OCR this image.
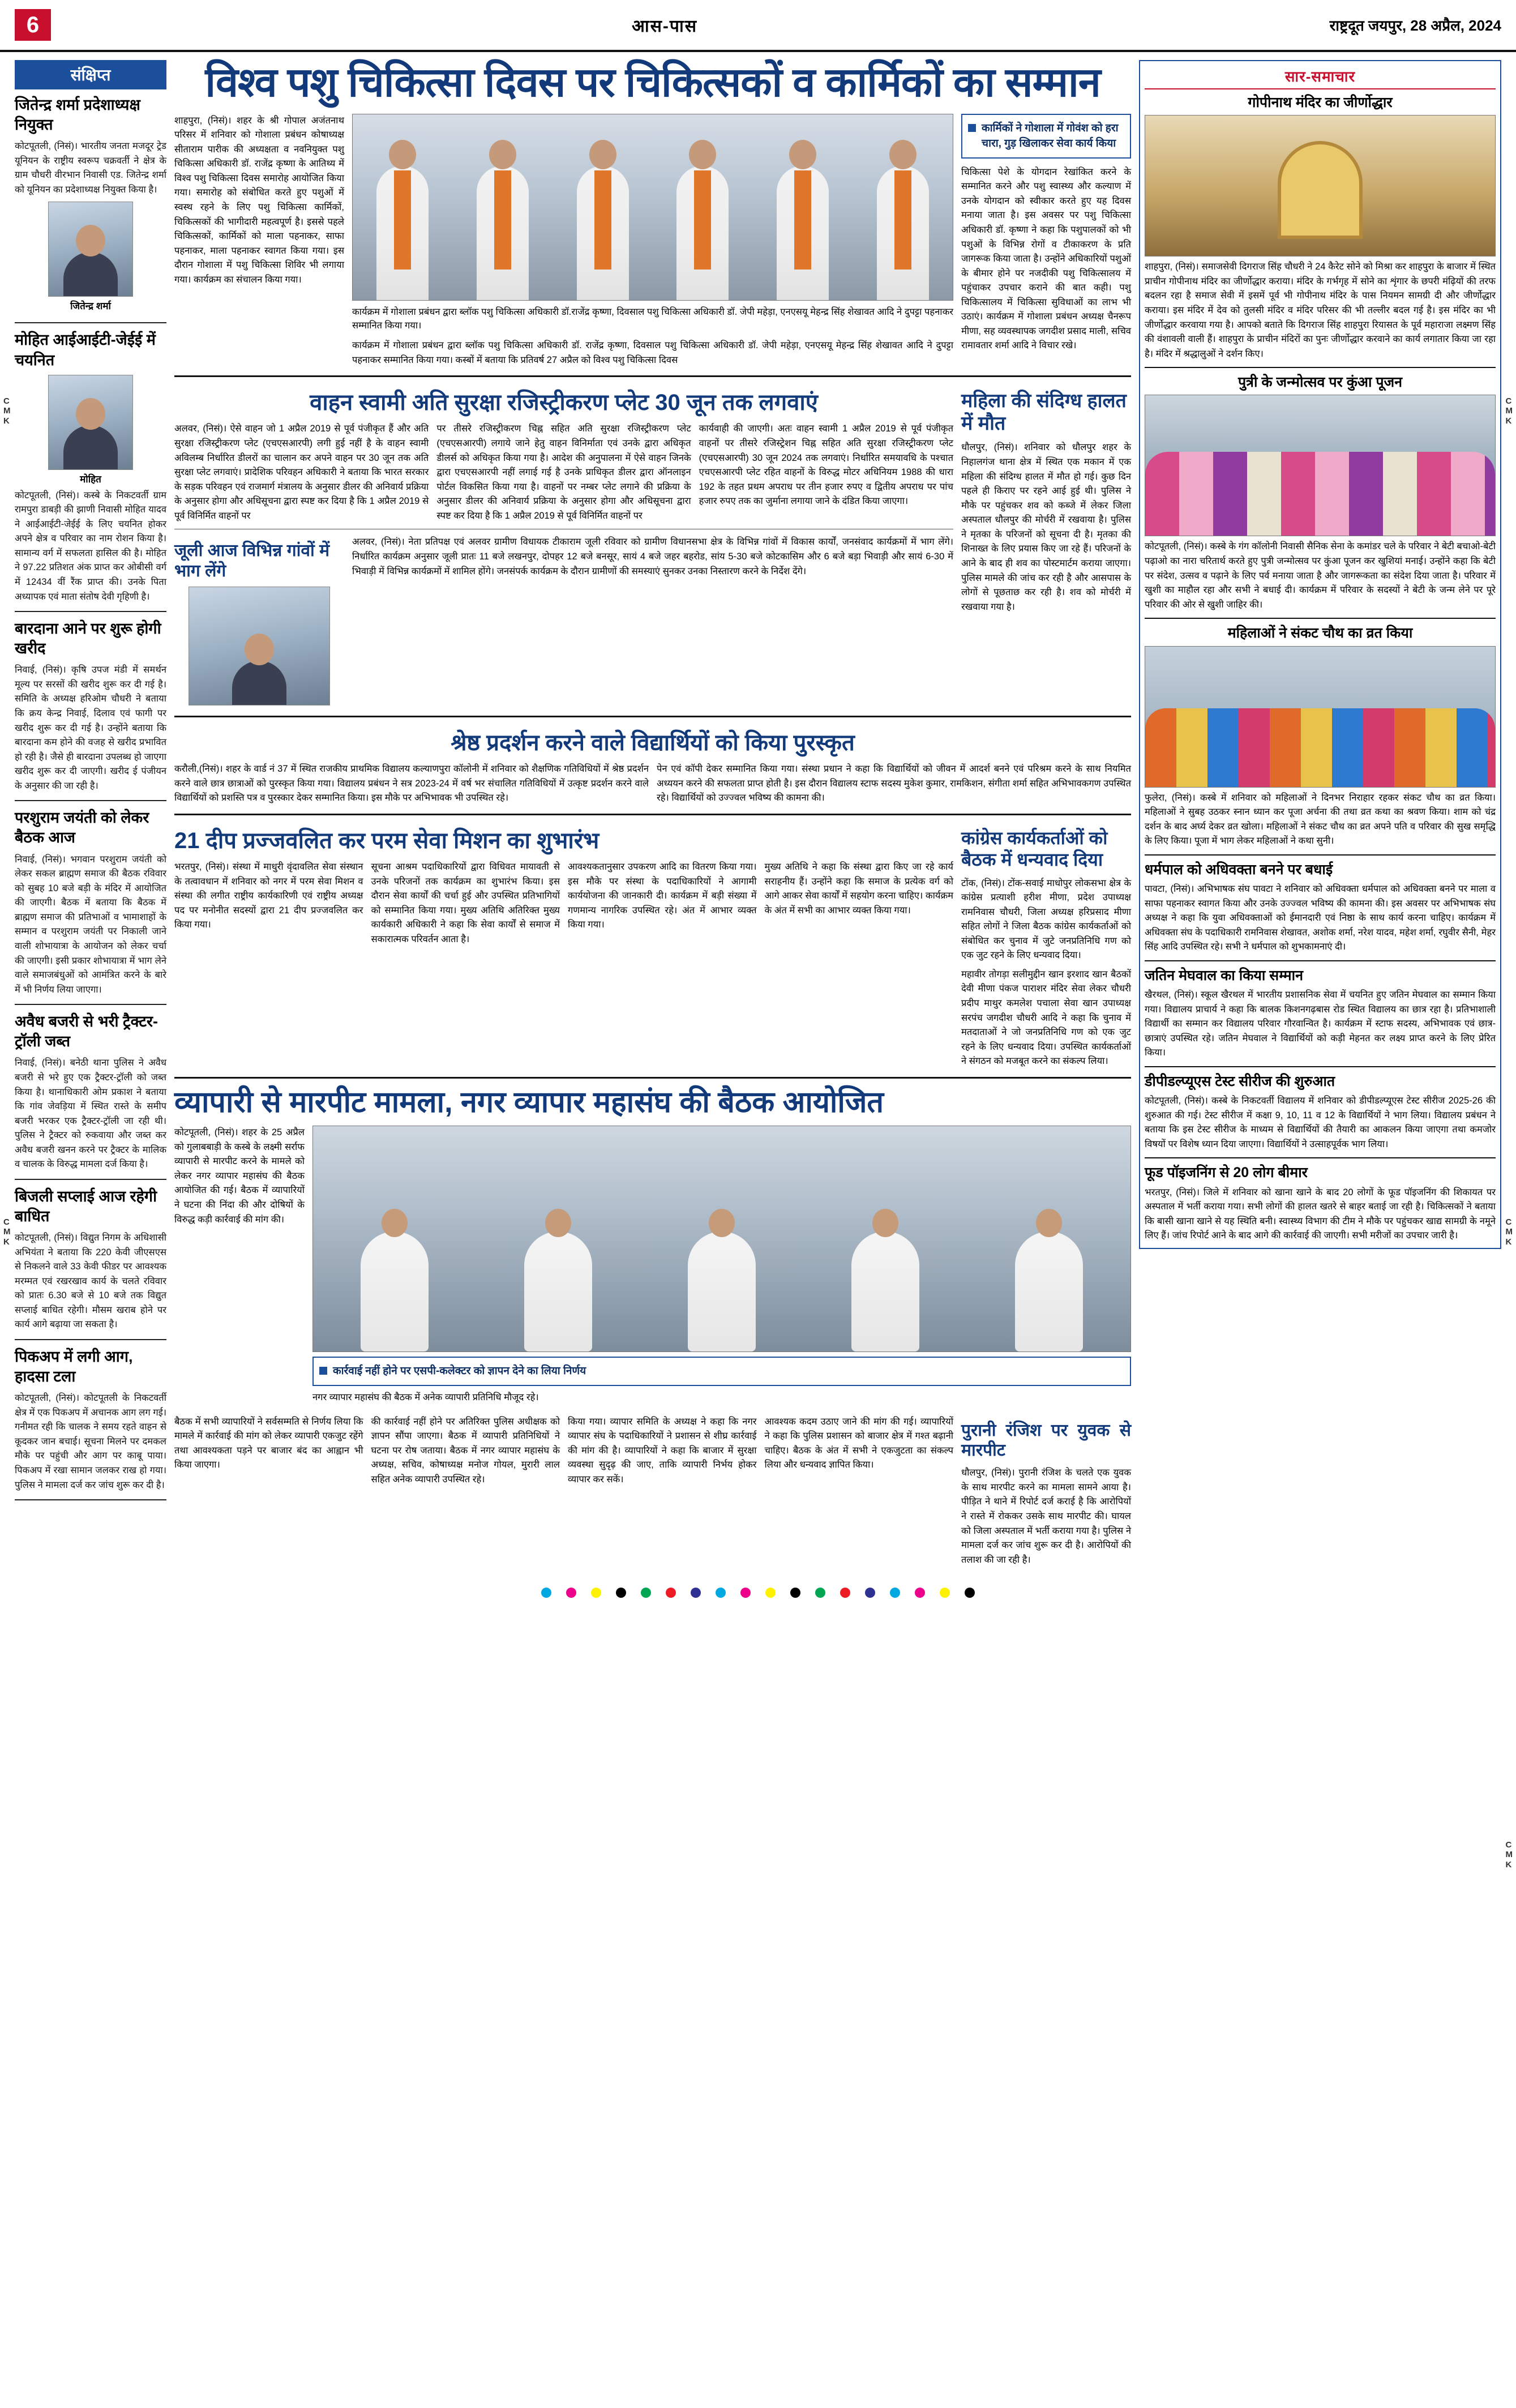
6	आस-पास	राष्ट्रदूत जयपुर, 28 अप्रैल, 2024
संक्षिप्त
जितेन्द्र शर्मा प्रदेशाध्यक्ष नियुक्त
कोटपूतली, (निसं)। भारतीय जनता मजदूर ट्रेड यूनियन के राष्ट्रीय स्वरूप चक्रवर्ती ने क्षेत्र के ग्राम चौधरी वीरभान निवासी एड. जितेन्द्र शर्मा को यूनियन का प्रदेशाध्यक्ष नियुक्त किया है।
जितेन्द्र शर्मा
मोहित आईआईटी-जेईई में चयनित
मोहित
कोटपूतली, (निसं)। कस्बे के निकटवर्ती ग्राम रामपुरा डाबड़ी की झाणी निवासी मोहित यादव ने आईआईटी-जेईई के लिए चयनित होकर अपने क्षेत्र व परिवार का नाम रोशन किया है। सामान्य वर्ग में सफलता हासिल की है। मोहित ने 97.22 प्रतिशत अंक प्राप्त कर ओबीसी वर्ग में 12434 वीं रैंक प्राप्त की। उनके पिता अध्यापक एवं माता संतोष देवी गृहिणी है।
बारदाना आने पर शुरू होगी खरीद
निवाई, (निसं)। कृषि उपज मंडी में समर्थन मूल्य पर सरसों की खरीद शुरू कर दी गई है। समिति के अध्यक्ष हरिओम चौधरी ने बताया कि क्रय केन्द्र निवाई, दिलाव एवं फागी पर खरीद शुरू कर दी गई है। उन्होंने बताया कि बारदाना कम होने की वजह से खरीद प्रभावित हो रही है। जैसे ही बारदाना उपलब्ध हो जाएगा खरीद शुरू कर दी जाएगी। खरीद ई पंजीयन के अनुसार की जा रही है।
परशुराम जयंती को लेकर बैठक आज
निवाई, (निसं)। भगवान परशुराम जयंती को लेकर सकल ब्राह्मण समाज की बैठक रविवार को सुबह 10 बजे बड़ी के मंदिर में आयोजित की जाएगी। बैठक में बताया कि बैठक में ब्राह्मण समाज की प्रतिभाओं व भामाशाहों के सम्मान व परशुराम जयंती पर निकाली जाने वाली शोभायात्रा के आयोजन को लेकर चर्चा की जाएगी। इसी प्रकार शोभायात्रा में भाग लेने वाले समाजबंधुओं को आमंत्रित करने के बारे में भी निर्णय लिया जाएगा।
अवैध बजरी से भरी ट्रैक्टर-ट्रॉली जब्त
निवाई, (निसं)। बनेठी थाना पुलिस ने अवैध बजरी से भरे हुए एक ट्रैक्टर-ट्रॉली को जब्त किया है। थानाधिकारी ओम प्रकाश ने बताया कि गांव जेवड़िया में स्थित रास्ते के समीप बजरी भरकर एक ट्रैक्टर-ट्रॉली जा रही थी। पुलिस ने ट्रैक्टर को रुकवाया और जब्त कर अवैध बजरी खनन करने पर ट्रैक्टर के मालिक व चालक के विरुद्ध मामला दर्ज किया है।
बिजली सप्लाई आज रहेगी बाधित
कोटपूतली, (निसं)। विद्युत निगम के अधिशासी अभियंता ने बताया कि 220 केवी जीएसएस से निकलने वाले 33 केवी फीडर पर आवश्यक मरम्मत एवं रखरखाव कार्य के चलते रविवार को प्रातः 6.30 बजे से 10 बजे तक विद्युत सप्लाई बाधित रहेगी। मौसम खराब होने पर कार्य आगे बढ़ाया जा सकता है।
पिकअप में लगी आग, हादसा टला
कोटपूतली, (निसं)। कोटपूतली के निकटवर्ती क्षेत्र में एक पिकअप में अचानक आग लग गई। गनीमत रही कि चालक ने समय रहते वाहन से कूदकर जान बचाई। सूचना मिलने पर दमकल मौके पर पहुंची और आग पर काबू पाया। पिकअप में रखा सामान जलकर राख हो गया। पुलिस ने मामला दर्ज कर जांच शुरू कर दी है।
विश्व पशु चिकित्सा दिवस पर चिकित्सकों व कार्मिकों का सम्मान
शाहपुरा, (निसं)। शहर के श्री गोपाल अजंतनाथ परिसर में शनिवार को गोशाला प्रबंधन कोषाध्यक्ष सीताराम पारीक की अध्यक्षता व नवनियुक्त पशु चिकित्सा अधिकारी डॉ. राजेंद्र कृष्णा के आतिथ्य में विश्व पशु चिकित्सा दिवस समारोह आयोजित किया गया। समारोह को संबोधित करते हुए पशुओं में स्वस्थ रहने के लिए पशु चिकित्सा कार्मिकों, चिकित्सकों की भागीदारी महत्वपूर्ण है। इससे पहले चिकित्सकों, कार्मिकों को माला पहनाकर, साफा पहनाकर, माला पहनाकर स्वागत किया गया। इस दौरान गोशाला में पशु चिकित्सा शिविर भी लगाया गया। कार्यक्रम का संचालन किया गया।
कार्यक्रम में गोशाला प्रबंधन द्वारा ब्लॉक पशु चिकित्सा अधिकारी डॉ.राजेंद्र कृष्णा, दिवसाल पशु चिकित्सा अधिकारी डॉ. जेपी महेड़ा, एनएसयू मेहन्द्र सिंह शेखावत आदि ने दुपट्टा पहनाकर सम्मानित किया गया।
कार्यक्रम में गोशाला प्रबंधन द्वारा ब्लॉक पशु चिकित्सा अधिकारी डॉ. राजेंद्र कृष्णा, दिवसाल पशु चिकित्सा अधिकारी डॉ. जेपी महेड़ा, एनएसयू मेहन्द्र सिंह शेखावत आदि ने दुपट्टा पहनाकर सम्मानित किया गया। कस्बों में बताया कि प्रतिवर्ष 27 अप्रैल को विश्व पशु चिकित्सा दिवस
कार्मिकों ने गोशाला में गोवंश को हरा चारा, गुड़ खिलाकर सेवा कार्य किया
चिकित्सा पेशे के योगदान रेखांकित करने के सम्मानित करने और पशु स्वास्थ्य और कल्याण में उनके योगदान को स्वीकार करते हुए यह दिवस मनाया जाता है। इस अवसर पर पशु चिकित्सा अधिकारी डॉ. कृष्णा ने कहा कि पशुपालकों को भी पशुओं के विभिन्न रोगों व टीकाकरण के प्रति जागरूक किया जाता है। उन्होंने अधिकारियों पशुओं के बीमार होने पर नजदीकी पशु चिकित्सालय में पहुंचाकर उपचार कराने की बात कही। पशु चिकित्सालय में चिकित्सा सुविधाओं का लाभ भी उठाएं। कार्यक्रम में गोशाला प्रबंधन अध्यक्ष चैनरूप मीणा, सह व्यवस्थापक जगदीश प्रसाद माली, सचिव रामावतार शर्मा आदि ने विचार रखे।
वाहन स्वामी अति सुरक्षा रजिस्ट्रीकरण प्लेट 30 जून तक लगवाएं
अलवर, (निसं)। ऐसे वाहन जो 1 अप्रैल 2019 से पूर्व पंजीकृत हैं और अति सुरक्षा रजिस्ट्रीकरण प्लेट (एचएसआरपी) लगी हुई नहीं है के वाहन स्वामी अविलम्ब निर्धारित डीलरों का चालान कर अपने वाहन पर 30 जून तक अति सुरक्षा प्लेट लगवाएं। प्रादेशिक परिवहन अधिकारी ने बताया कि भारत सरकार के सड़क परिवहन एवं राजमार्ग मंत्रालय के अनुसार डीलर की अनिवार्य प्रक्रिया के अनुसार होगा और अधिसूचना द्वारा स्पष्ट कर दिया है कि 1 अप्रैल 2019 से पूर्व विनिर्मित वाहनों पर
पर तीसरे रजिस्ट्रीकरण चिह्न सहित अति सुरक्षा रजिस्ट्रीकरण प्लेट (एचएसआरपी) लगाये जाने हेतु वाहन विनिर्माता एवं उनके द्वारा अधिकृत डीलर्स को अधिकृत किया गया है। आदेश की अनुपालना में ऐसे वाहन जिनके द्वारा एचएसआरपी नहीं लगाई गई है उनके प्राधिकृत डीलर द्वारा ऑनलाइन पोर्टल विकसित किया गया है। वाहनों पर नम्बर प्लेट लगाने की प्रक्रिया के अनुसार डीलर की अनिवार्य प्रक्रिया के अनुसार होगा और अधिसूचना द्वारा स्पष्ट कर दिया है कि 1 अप्रैल 2019 से पूर्व विनिर्मित वाहनों पर
कार्यवाही की जाएगी। अतः वाहन स्वामी 1 अप्रैल 2019 से पूर्व पंजीकृत वाहनों पर तीसरे रजिस्ट्रेशन चिह्न सहित अति सुरक्षा रजिस्ट्रीकरण प्लेट (एचएसआरपी) 30 जून 2024 तक लगवाएं। निर्धारित समयावधि के पश्चात एचएसआरपी प्लेट रहित वाहनों के विरुद्ध मोटर अधिनियम 1988 की धारा 192 के तहत प्रथम अपराध पर तीन हजार रुपए व द्वितीय अपराध पर पांच हजार रुपए तक का जुर्माना लगाया जाने के दंडित किया जाएगा।
जूली आज विभिन्न गांवों में भाग लेंगे
अलवर, (निसं)। नेता प्रतिपक्ष एवं अलवर ग्रामीण विधायक टीकाराम जूली रविवार को ग्रामीण विधानसभा क्षेत्र के विभिन्न गांवों में विकास कार्यों, जनसंवाद कार्यक्रमों में भाग लेंगे। निर्धारित कार्यक्रम अनुसार जूली प्रातः 11 बजे लखनपुर, दोपहर 12 बजे बनसूर, सायं 4 बजे जहर बहरोड, सांय 5-30 बजे कोटकासिम और 6 बजे बड़ा भिवाड़ी और सायं 6-30 में भिवाड़ी में विभिन्न कार्यक्रमों में शामिल होंगे। जनसंपर्क कार्यक्रम के दौरान ग्रामीणों की समस्याएं सुनकर उनका निस्तारण करने के निर्देश देंगे।
महिला की संदिग्ध हालत में मौत
धौलपुर, (निसं)। शनिवार को धौलपुर शहर के निहालगंज थाना क्षेत्र में स्थित एक मकान में एक महिला की संदिग्ध हालत में मौत हो गई। कुछ दिन पहले ही किराए पर रहने आई हुई थी। पुलिस ने मौके पर पहुंचकर शव को कब्जे में लेकर जिला अस्पताल धौलपुर की मोर्चरी में रखवाया है। पुलिस ने मृतका के परिजनों को सूचना दी है। मृतका की शिनाख्त के लिए प्रयास किए जा रहे हैं। परिजनों के आने के बाद ही शव का पोस्टमार्टम कराया जाएगा। पुलिस मामले की जांच कर रही है और आसपास के लोगों से पूछताछ कर रही है। शव को मोर्चरी में रखवाया गया है।
श्रेष्ठ प्रदर्शन करने वाले विद्यार्थियों को किया पुरस्कृत
करौली,(निसं)। शहर के वार्ड नं 37 में स्थित राजकीय प्राथमिक विद्यालय कल्याणपुरा कॉलोनी में शनिवार को शैक्षणिक गतिविधियों में श्रेष्ठ प्रदर्शन करने वाले छात्र छात्राओं को पुरस्कृत किया गया। विद्यालय प्रबंधन ने सत्र 2023-24 में वर्ष भर संचालित गतिविधियों में उत्कृष्ट प्रदर्शन करने वाले विद्यार्थियों को प्रशस्ति पत्र व पुरस्कार देकर सम्मानित किया। इस मौके पर अभिभावक भी उपस्थित रहे।
पेन एवं कॉपी देकर सम्मानित किया गया। संस्था प्रधान ने कहा कि विद्यार्थियों को जीवन में आदर्श बनने एवं परिश्रम करने के साथ नियमित अध्ययन करने की सफलता प्राप्त होती है। इस दौरान विद्यालय स्टाफ सदस्य मुकेश कुमार, रामकिशन, संगीता शर्मा सहित अभिभावकगण उपस्थित रहे। विद्यार्थियों को उज्ज्वल भविष्य की कामना की।
21 दीप प्रज्जवलित कर परम सेवा मिशन का शुभारंभ
भरतपुर, (निसं)। संस्था में माधुरी वृंदावलित सेवा संस्थान के तत्वावधान में शनिवार को नगर में परम सेवा मिशन व संस्था की लगीत राष्ट्रीय कार्यकारिणी एवं राष्ट्रीय अध्यक्ष पद पर मनोनीत सदस्यों द्वारा 21 दीप प्रज्जवलित कर किया गया।
सूचना आश्रम पदाधिकारियों द्वारा विधिवत मायावती से उनके परिजनों तक कार्यक्रम का शुभारंभ किया। इस दौरान सेवा कार्यों की चर्चा हुई और उपस्थित प्रतिभागियों को सम्मानित किया गया। मुख्य अतिथि अतिरिक्त मुख्य कार्यकारी अधिकारी ने कहा कि सेवा कार्यों से समाज में सकारात्मक परिवर्तन आता है।
आवश्यकतानुसार उपकरण आदि का वितरण किया गया। इस मौके पर संस्था के पदाधिकारियों ने आगामी कार्ययोजना की जानकारी दी। कार्यक्रम में बड़ी संख्या में गणमान्य नागरिक उपस्थित रहे। अंत में आभार व्यक्त किया गया।
मुख्य अतिथि ने कहा कि संस्था द्वारा किए जा रहे कार्य सराहनीय हैं। उन्होंने कहा कि समाज के प्रत्येक वर्ग को आगे आकर सेवा कार्यों में सहयोग करना चाहिए। कार्यक्रम के अंत में सभी का आभार व्यक्त किया गया।
कांग्रेस कार्यकर्ताओं को बैठक में धन्यवाद दिया
टोंक, (निसं)। टोंक-सवाई माधोपुर लोकसभा क्षेत्र के कांग्रेस प्रत्याशी हरीश मीणा, प्रदेश उपाध्यक्ष रामनिवास चौधरी, जिला अध्यक्ष हरिप्रसाद मीणा सहित लोगों ने जिला बैठक कांग्रेस कार्यकर्ताओं को संबोधित कर चुनाव में जुटे जनप्रतिनिधि गण को एक जुट रहने के लिए धन्यवाद दिया।
महावीर तोगड़ा सलीमुद्दीन खान इरशाद खान बैठकों देवी मीणा पंकज पाराशर मंदिर सेवा लेकर चौधरी प्रदीप माथुर कमलेश पचाला सेवा खान उपाध्यक्ष सरपंच जगदीश चौधरी आदि ने कहा कि चुनाव में मतदाताओं ने जो जनप्रतिनिधि गण को एक जुट रहने के लिए धन्यवाद दिया। उपस्थित कार्यकर्ताओं ने संगठन को मजबूत करने का संकल्प लिया।
व्यापारी से मारपीट मामला, नगर व्यापार महासंघ की बैठक आयोजित
कोटपूतली, (निसं)। शहर के 25 अप्रैल को गुलाबबाड़ी के कस्बे के लक्ष्मी सर्राफ व्यापारी से मारपीट करने के मामले को लेकर नगर व्यापार महासंघ की बैठक आयोजित की गई। बैठक में व्यापारियों ने घटना की निंदा की और दोषियों के विरुद्ध कड़ी कार्रवाई की मांग की।
कार्रवाई नहीं होने पर एसपी-कलेक्टर को ज्ञापन देने का लिया निर्णय
नगर व्यापार महासंघ की बैठक में अनेक व्यापारी प्रतिनिधि मौजूद रहे।
बैठक में सभी व्यापारियों ने सर्वसम्मति से निर्णय लिया कि मामले में कार्रवाई की मांग को लेकर व्यापारी एकजुट रहेंगे तथा आवश्यकता पड़ने पर बाजार बंद का आह्वान भी किया जाएगा।
की कार्रवाई नहीं होने पर अतिरिक्त पुलिस अधीक्षक को ज्ञापन सौंपा जाएगा। बैठक में व्यापारी प्रतिनिधियों ने घटना पर रोष जताया। बैठक में नगर व्यापार महासंघ के अध्यक्ष, सचिव, कोषाध्यक्ष मनोज गोयल, मुरारी लाल सहित अनेक व्यापारी उपस्थित रहे।
किया गया। व्यापार समिति के अध्यक्ष ने कहा कि नगर व्यापार संघ के पदाधिकारियों ने प्रशासन से शीघ्र कार्रवाई की मांग की है। व्यापारियों ने कहा कि बाजार में सुरक्षा व्यवस्था सुदृढ़ की जाए, ताकि व्यापारी निर्भय होकर व्यापार कर सकें।
आवश्यक कदम उठाए जाने की मांग की गई। व्यापारियों ने कहा कि पुलिस प्रशासन को बाजार क्षेत्र में गश्त बढ़ानी चाहिए। बैठक के अंत में सभी ने एकजुटता का संकल्प लिया और धन्यवाद ज्ञापित किया।
पुरानी रंजिश पर युवक से मारपीट
धौलपुर, (निसं)। पुरानी रंजिश के चलते एक युवक के साथ मारपीट करने का मामला सामने आया है। पीड़ित ने थाने में रिपोर्ट दर्ज कराई है कि आरोपियों ने रास्ते में रोककर उसके साथ मारपीट की। घायल को जिला अस्पताल में भर्ती कराया गया है। पुलिस ने मामला दर्ज कर जांच शुरू कर दी है। आरोपियों की तलाश की जा रही है।
सार-समाचार
गोपीनाथ मंदिर का जीर्णोद्धार
शाहपुरा, (निसं)। समाजसेवी दिगराज सिंह चौधरी ने 24 कैरेट सोने को मिश्रा कर शाहपुरा के बाजार में स्थित प्राचीन गोपीनाथ मंदिर का जीर्णोद्धार कराया। मंदिर के गर्भगृह में सोने का शृंगार के छपरी मंढ़ियों की तरफ बदलन रहा है समाज सेवी में इसमें पूर्व भी गोपीनाथ मंदिर के पास नियमन सामग्री दी और जीर्णोद्धार कराया। इस मंदिर में देव को तुलसी मंदिर व मंदिर परिसर की भी तल्लीर बदल गई है। इस मंदिर का भी जीर्णोद्धार करवाया गया है। आपको बताते कि दिगराज सिंह शाहपुरा रियासत के पूर्व महाराजा लक्ष्मण सिंह की वंशावली वाली हैं। शाहपुरा के प्राचीन मंदिरों का पुनः जीर्णोद्धार करवाने का कार्य लगातार किया जा रहा है। मंदिर में श्रद्धालुओं ने दर्शन किए।
पुत्री के जन्मोत्सव पर कुंआ पूजन
कोटपूतली, (निसं)। कस्बे के गंग कॉलोनी निवासी सैनिक सेना के कमांडर चले के परिवार ने बेटी बचाओ-बेटी पढ़ाओ का नारा चरितार्थ करते हुए पुत्री जन्मोत्सव पर कुंआ पूजन कर खुशियां मनाई। उन्होंने कहा कि बेटी पर संदेश, उत्सव व पढ़ाने के लिए पर्व मनाया जाता है और जागरूकता का संदेश दिया जाता है। परिवार में खुशी का माहौल रहा और सभी ने बधाई दी। कार्यक्रम में परिवार के सदस्यों ने बेटी के जन्म लेने पर पूरे परिवार की ओर से खुशी जाहिर की।
महिलाओं ने संकट चौथ का व्रत किया
फुलेरा, (निसं)। कस्बे में शनिवार को महिलाओं ने दिनभर निराहार रहकर संकट चौथ का व्रत किया। महिलाओं ने सुबह उठकर स्नान ध्यान कर पूजा अर्चना की तथा व्रत कथा का श्रवण किया। शाम को चंद्र दर्शन के बाद अर्घ्य देकर व्रत खोला। महिलाओं ने संकट चौथ का व्रत अपने पति व परिवार की सुख समृद्धि के लिए किया। पूजा में भाग लेकर महिलाओं ने कथा सुनी।
धर्मपाल को अधिवक्ता बनने पर बधाई
पावटा, (निसं)। अभिभाषक संघ पावटा ने शनिवार को अधिवक्ता धर्मपाल को अधिवक्ता बनने पर माला व साफा पहनाकर स्वागत किया और उनके उज्ज्वल भविष्य की कामना की। इस अवसर पर अभिभाषक संघ अध्यक्ष ने कहा कि युवा अधिवक्ताओं को ईमानदारी एवं निष्ठा के साथ कार्य करना चाहिए। कार्यक्रम में अधिवक्ता संघ के पदाधिकारी रामनिवास शेखावत, अशोक शर्मा, नरेश यादव, महेश शर्मा, रघुवीर सैनी, मेहर सिंह आदि उपस्थित रहे। सभी ने धर्मपाल को शुभकामनाएं दी।
जतिन मेघवाल का किया सम्मान
खैरथल, (निसं)। स्कूल खैरथल में भारतीय प्रशासनिक सेवा में चयनित हुए जतिन मेघवाल का सम्मान किया गया। विद्यालय प्राचार्य ने कहा कि बालक किशनगढ़बास रोड स्थित विद्यालय का छात्र रहा है। प्रतिभाशाली विद्यार्थी का सम्मान कर विद्यालय परिवार गौरवान्वित है। कार्यक्रम में स्टाफ सदस्य, अभिभावक एवं छात्र-छात्राएं उपस्थित रहे। जतिन मेघवाल ने विद्यार्थियों को कड़ी मेहनत कर लक्ष्य प्राप्त करने के लिए प्रेरित किया।
डीपीडल्प्यूएस टेस्ट सीरीज की शुरुआत
कोटपूतली, (निसं)। कस्बे के निकटवर्ती विद्यालय में शनिवार को डीपीडल्प्यूएस टेस्ट सीरीज 2025-26 की शुरुआत की गई। टेस्ट सीरीज में कक्षा 9, 10, 11 व 12 के विद्यार्थियों ने भाग लिया। विद्यालय प्रबंधन ने बताया कि इस टेस्ट सीरीज के माध्यम से विद्यार्थियों की तैयारी का आकलन किया जाएगा तथा कमजोर विषयों पर विशेष ध्यान दिया जाएगा। विद्यार्थियों ने उत्साहपूर्वक भाग लिया।
फूड पॉइजनिंग से 20 लोग बीमार
भरतपुर, (निसं)। जिले में शनिवार को खाना खाने के बाद 20 लोगों के फूड पॉइजनिंग की शिकायत पर अस्पताल में भर्ती कराया गया। सभी लोगों की हालत खतरे से बाहर बताई जा रही है। चिकित्सकों ने बताया कि बासी खाना खाने से यह स्थिति बनी। स्वास्थ्य विभाग की टीम ने मौके पर पहुंचकर खाद्य सामग्री के नमूने लिए हैं। जांच रिपोर्ट आने के बाद आगे की कार्रवाई की जाएगी। सभी मरीजों का उपचार जारी है।
C
M
K
C
M
K
C
M
K
C
M
K
C
M
K
